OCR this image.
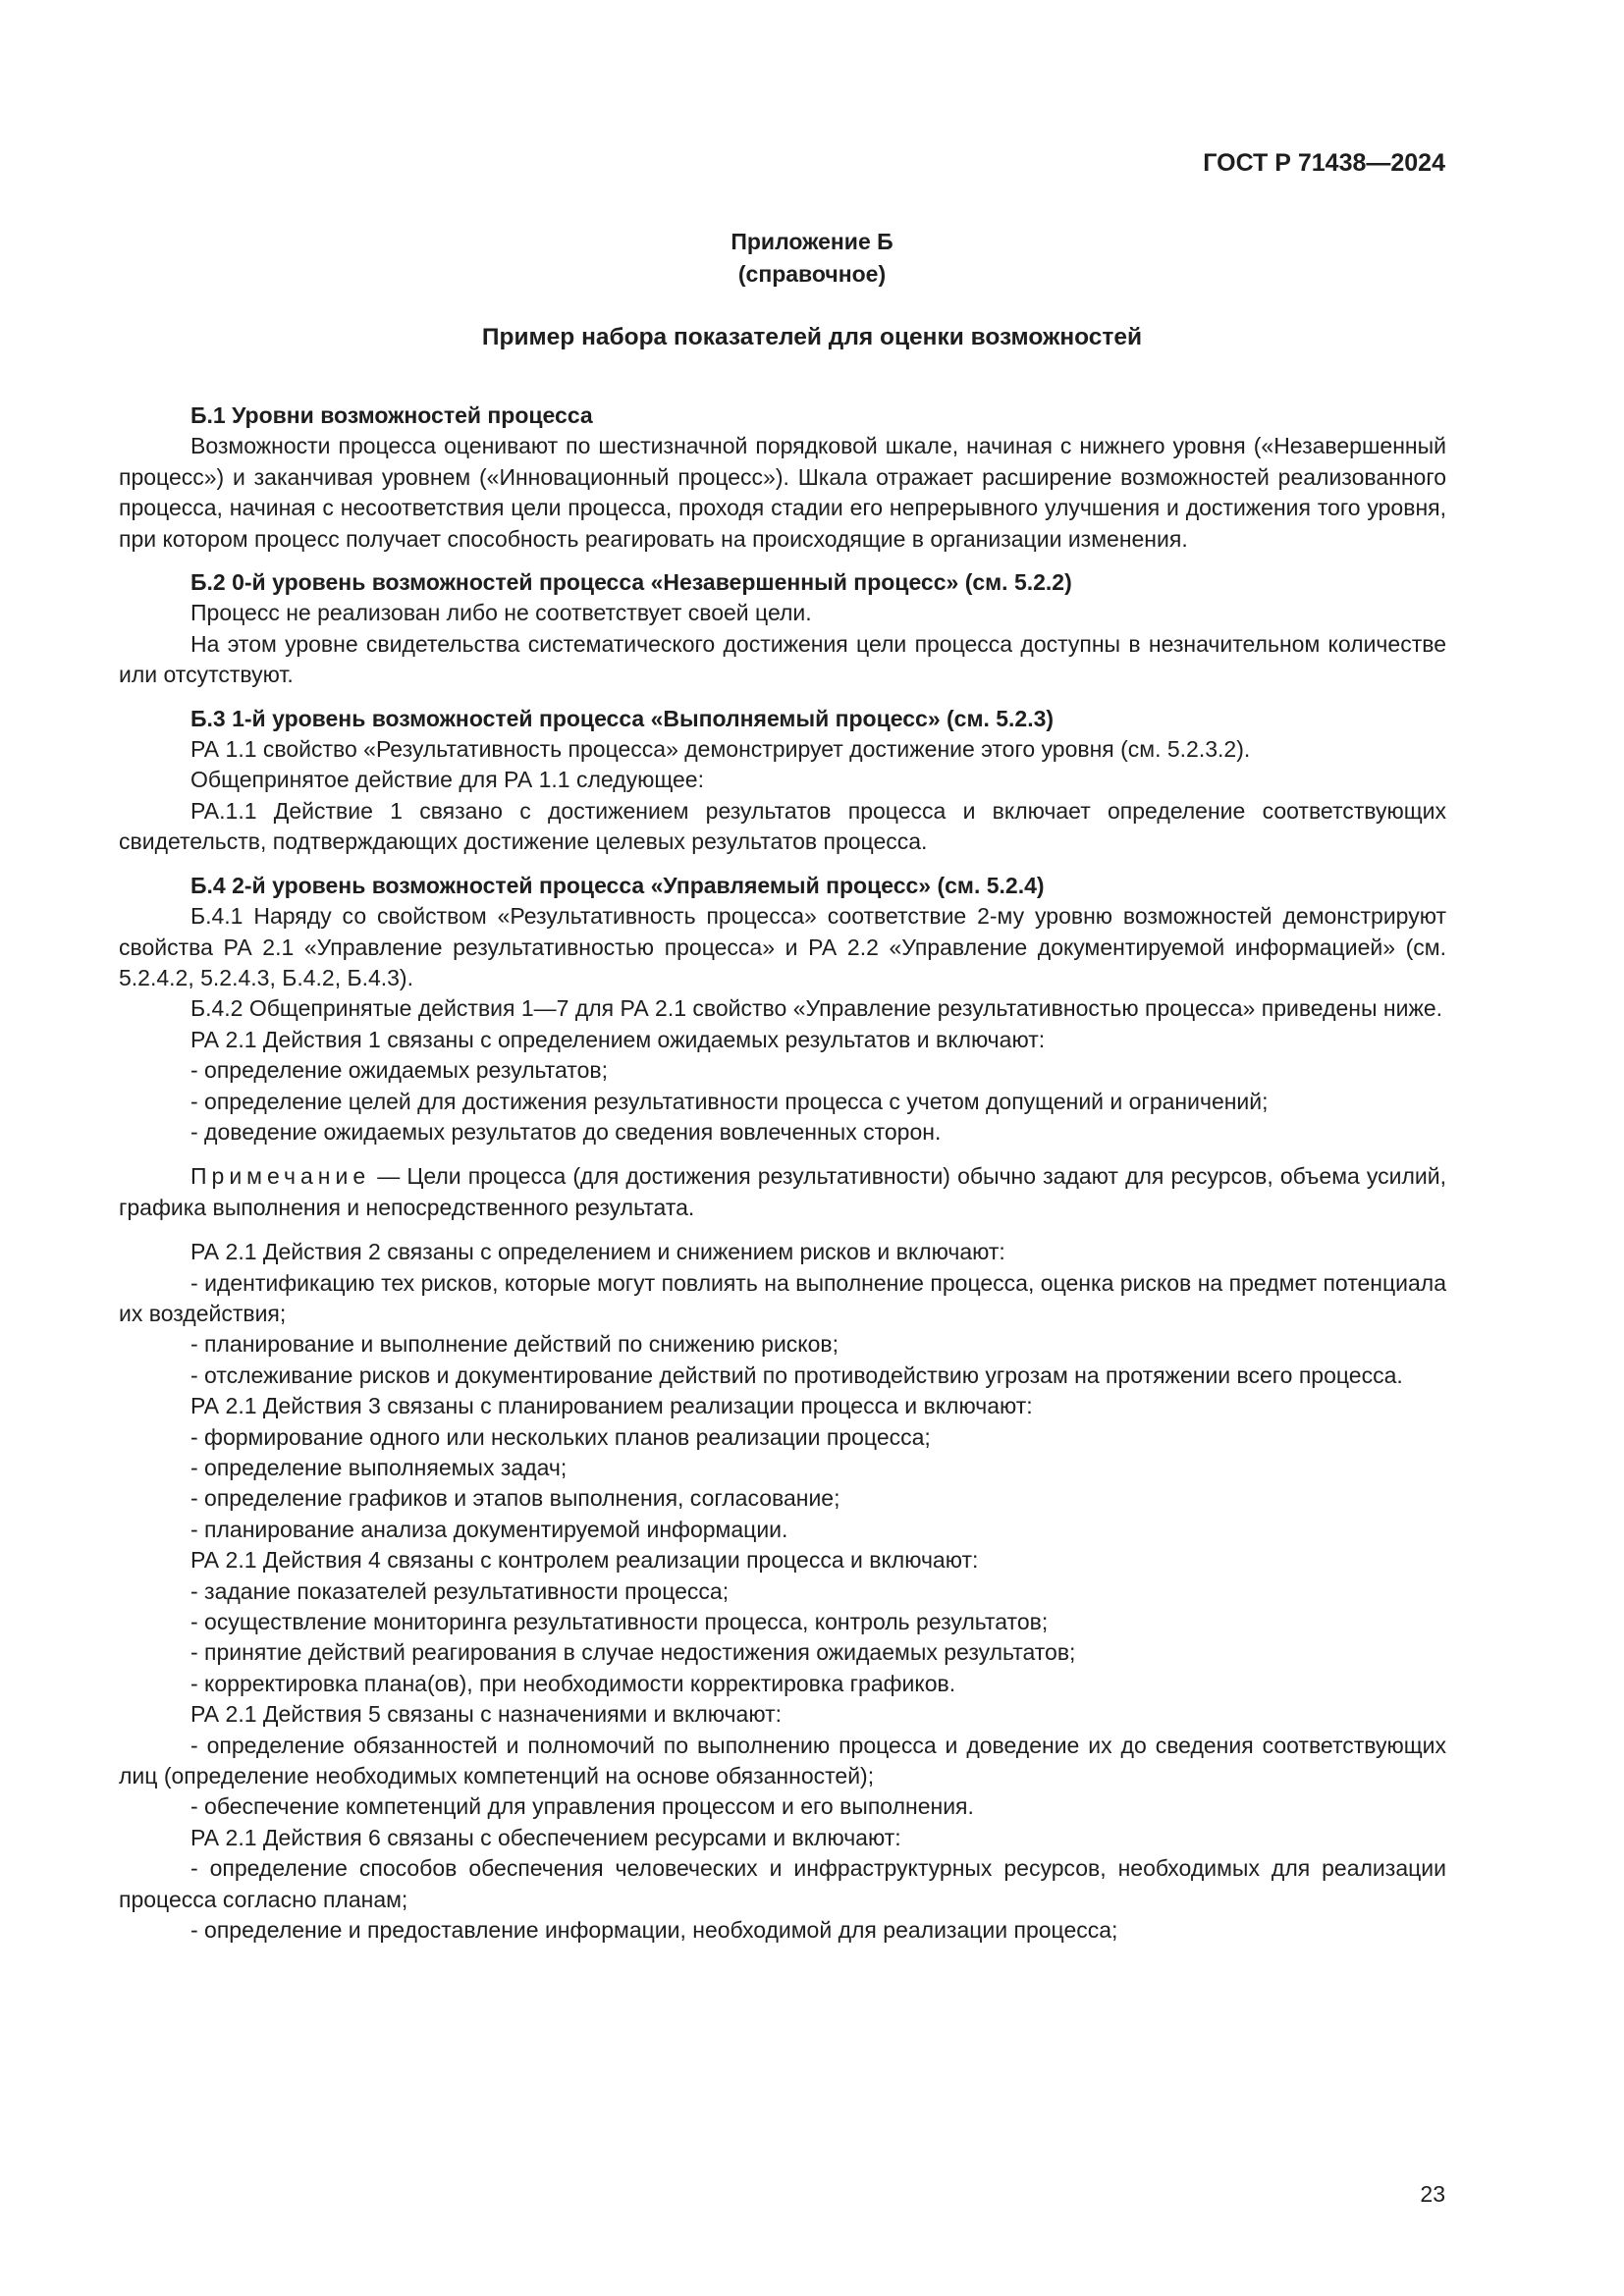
ГОСТ Р 71438—2024
Приложение Б
(справочное)
Пример набора показателей для оценки возможностей

Б.1 Уровни возможностей процесса

Возможности процесса оценивают по шестизначной порядковой шкале, начиная с нижнего уровня («Незавершенный процесс») и заканчивая уровнем («Инновационный процесс»). Шкала отражает расширение возможностей реализованного процесса, начиная с несоответствия цели процесса, проходя стадии его непрерывного улучшения и достижения того уровня, при котором процесс получает способность реагировать на происходящие в организации изменения.

Б.2 0-й уровень возможностей процесса «Незавершенный процесс» (см. 5.2.2)

Процесс не реализован либо не соответствует своей цели.

На этом уровне свидетельства систематического достижения цели процесса доступны в незначительном количестве или отсутствуют.

Б.3 1-й уровень возможностей процесса «Выполняемый процесс» (см. 5.2.3)

РА 1.1 свойство «Результативность процесса» демонстрирует достижение этого уровня (см. 5.2.3.2).

Общепринятое действие для РА 1.1 следующее:

РА.1.1 Действие 1 связано с достижением результатов процесса и включает определение соответствующих свидетельств, подтверждающих достижение целевых результатов процесса.

Б.4 2-й уровень возможностей процесса «Управляемый процесс» (см. 5.2.4)

Б.4.1 Наряду со свойством «Результативность процесса» соответствие 2-му уровню возможностей демонстрируют свойства РА 2.1 «Управление результативностью процесса» и РА 2.2 «Управление документируемой информацией» (см. 5.2.4.2, 5.2.4.3, Б.4.2, Б.4.3).

Б.4.2 Общепринятые действия 1—7 для РА 2.1 свойство «Управление результативностью процесса» приведены ниже.

РА 2.1 Действия 1 связаны с определением ожидаемых результатов и включают:

- определение ожидаемых результатов;

- определение целей для достижения результативности процесса с учетом допущений и ограничений;

- доведение ожидаемых результатов до сведения вовлеченных сторон.

Примечание — Цели процесса (для достижения результативности) обычно задают для ресурсов, объема усилий, графика выполнения и непосредственного результата.

РА 2.1 Действия 2 связаны с определением и снижением рисков и включают:

- идентификацию тех рисков, которые могут повлиять на выполнение процесса, оценка рисков на предмет потенциала их воздействия;

- планирование и выполнение действий по снижению рисков;

- отслеживание рисков и документирование действий по противодействию угрозам на протяжении всего процесса.

РА 2.1 Действия 3 связаны с планированием реализации процесса и включают:

- формирование одного или нескольких планов реализации процесса;

- определение выполняемых задач;

- определение графиков и этапов выполнения, согласование;

- планирование анализа документируемой информации.

РА 2.1 Действия 4 связаны с контролем реализации процесса и включают:

- задание показателей результативности процесса;

- осуществление мониторинга результативности процесса, контроль результатов;

- принятие действий реагирования в случае недостижения ожидаемых результатов;

- корректировка плана(ов), при необходимости корректировка графиков.

РА 2.1 Действия 5 связаны с назначениями и включают:

- определение обязанностей и полномочий по выполнению процесса и доведение их до сведения соответствующих лиц (определение необходимых компетенций на основе обязанностей);

- обеспечение компетенций для управления процессом и его выполнения.

РА 2.1 Действия 6 связаны с обеспечением ресурсами и включают:

- определение способов обеспечения человеческих и инфраструктурных ресурсов, необходимых для реализации процесса согласно планам;

- определение и предоставление информации, необходимой для реализации процесса;

23
